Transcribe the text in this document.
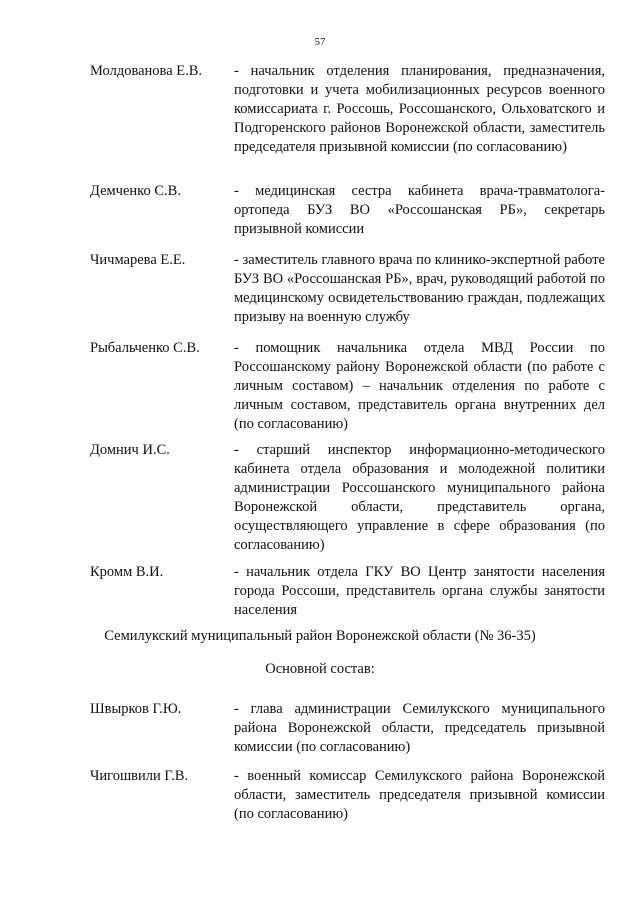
57
Молдованова Е.В. - начальник отделения планирования, предназначения, подготовки и учета мобилизационных ресурсов военного комиссариата г. Россошь, Россошанского, Ольховатского и Подгоренского районов Воронежской области, заместитель председателя призывной комиссии (по согласованию)
Демченко С.В.	- медицинская сестра кабинета врача-травматолога-ортопеда БУЗ ВО «Россошанская РБ», секретарь призывной комиссии
Чичмарева Е.Е.	- заместитель главного врача по клинико-экспертной работе БУЗ ВО «Россошанская РБ», врач, руководящий работой по медицинскому освидетельствованию граждан, подлежащих призыву на военную службу
Рыбальченко С.В. - помощник начальника отдела МВД России по Россошанскому району Воронежской области (по работе с личным составом) – начальник отделения по работе с личным составом, представитель органа внутренних дел (по согласованию)
Домнич И.С.	- старший инспектор информационно-методического кабинета отдела образования и молодежной политики администрации Россошанского муниципального района Воронежской области, представитель органа, осуществляющего управление в сфере образования (по согласованию)
Кромм В.И.	- начальник отдела ГКУ ВО Центр занятости населения города Россоши, представитель органа службы занятости населения
Семилукский муниципальный район Воронежской области (№ 36-35)
Основной состав:
Швырков Г.Ю.	- глава администрации Семилукского муниципального района Воронежской области, председатель призывной комиссии (по согласованию)
Чигошвили Г.В.	- военный комиссар Семилукского района Воронежской области, заместитель председателя призывной комиссии (по согласованию)
